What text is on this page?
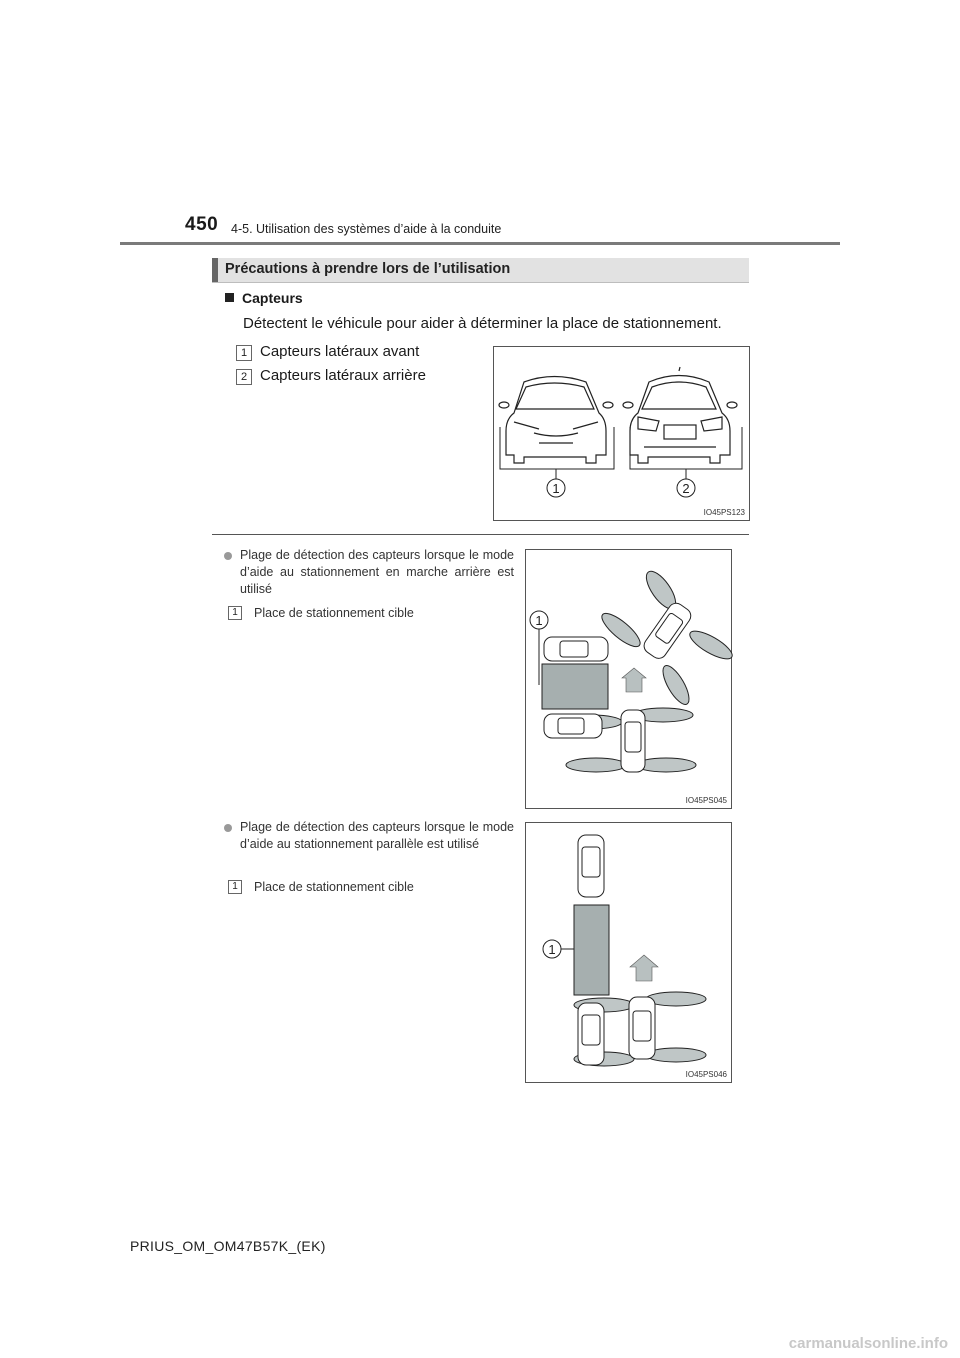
450 4-5. Utilisation des systèmes d’aide à la conduite
Précautions à prendre lors de l’utilisation
Capteurs
Détectent le véhicule pour aider à déterminer la place de stationnement.
1 Capteurs latéraux avant
2 Capteurs latéraux arrière
1	2
IO45PS123
Plage de détection des capteurs lorsque le mode d’aide au stationnement en marche arrière est utilisé
1	Place de stationnement cible	1
IO45PS045
Plage de détection des capteurs lorsque le mode d’aide au stationnement parallèle est utilisé
1	Place de stationnement cible
1
IO45PS046
PRIUS_OM_OM47B57K_(EK)
carmanualsonline.info
